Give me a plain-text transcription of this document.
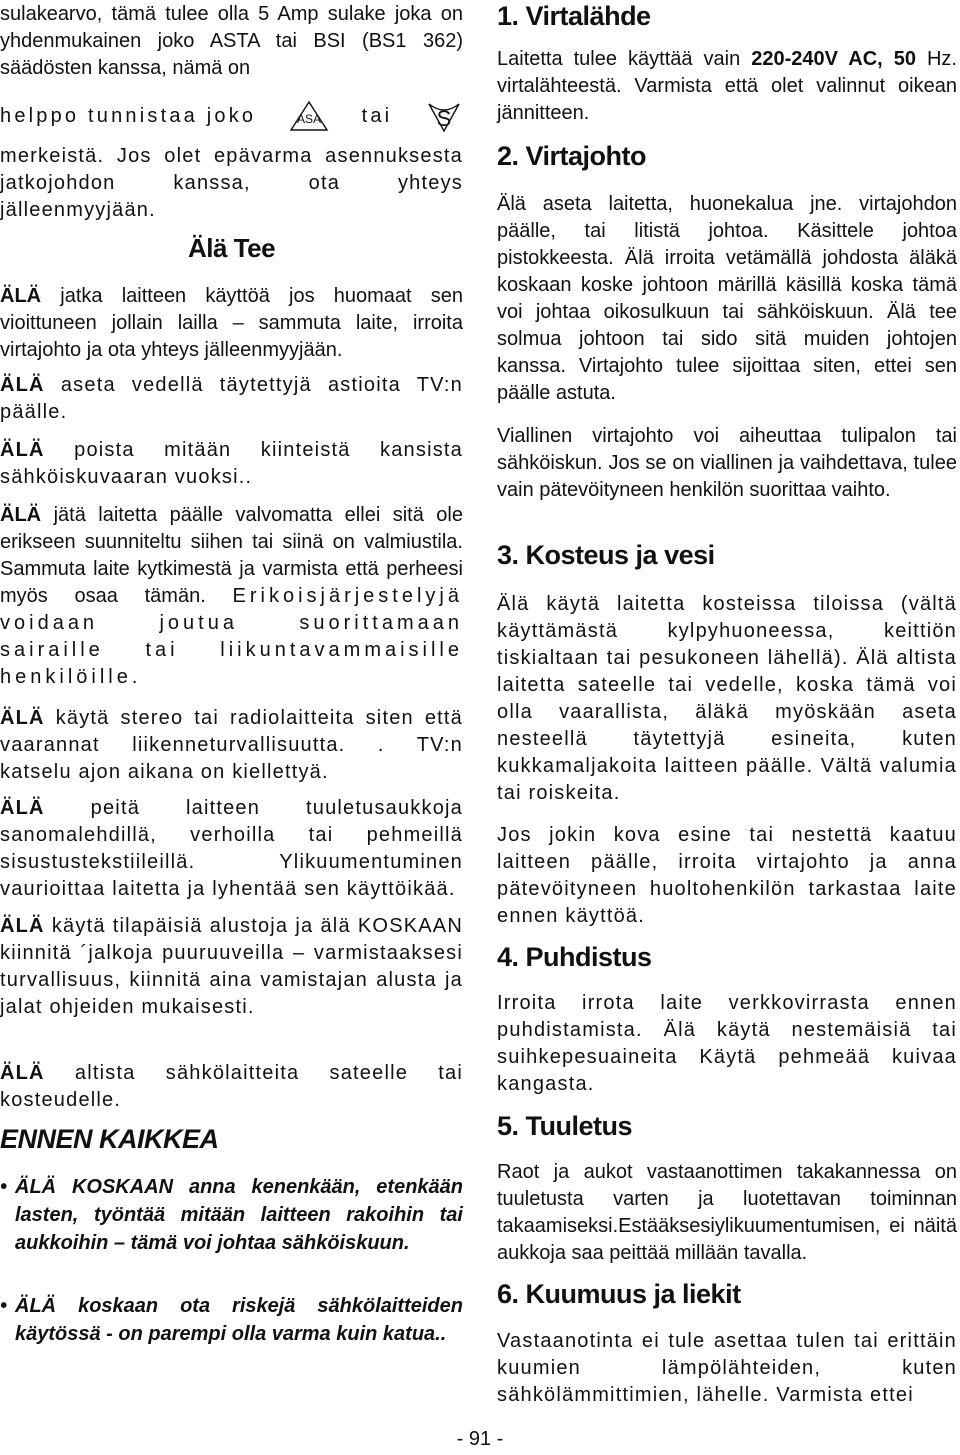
sulakearvo, tämä tulee olla 5 Amp sulake joka on yhdenmukainen joko ASTA tai BSI (BS1 362) säädösten kanssa, nämä on

helppo tunnistaa joko	ASA tai S

merkeistä. Jos olet epävarma asennuksesta jatkojohdon kanssa, ota yhteys jälleenmyyjään.

Älä Tee

ÄLÄ jatka laitteen käyttöä jos huomaat sen vioittuneen jollain lailla – sammuta laite, irroita virtajohto ja ota yhteys jälleenmyyjään.

ÄLÄ aseta vedellä täytettyjä astioita TV:n päälle.

ÄLÄ poista mitään kiinteistä kansista sähköiskuvaaran vuoksi..

ÄLÄ jätä laitetta päälle valvomatta ellei sitä ole erikseen suunniteltu siihen tai siinä on valmiustila. Sammuta laite kytkimestä ja varmista että perheesi myös osaa tämän. Erikoisjärjestelyjä voidaan joutua suorittamaan sairaille tai liikuntavammaisille henkilöille.

ÄLÄ käytä stereo tai radiolaitteita siten että vaarannat liikenneturvallisuutta. . TV:n katselu ajon aikana on kiellettyä.

ÄLÄ peitä laitteen tuuletusaukkoja sanomalehdillä, verhoilla tai pehmeillä sisustustekstiileillä. Ylikuumentuminen vaurioittaa laitetta ja lyhentää sen käyttöikää.

ÄLÄ käytä tilapäisiä alustoja ja älä KOSKAAN kiinnitä ´jalkoja puuruuveilla – varmistaaksesi turvallisuus, kiinnitä aina vamistajan alusta ja jalat ohjeiden mukaisesti.

ÄLÄ altista sähkölaitteita sateelle tai kosteudelle.

ENNEN KAIKKEA
• ÄLÄ KOSKAAN anna kenenkään, etenkään lasten, työntää mitään laitteen rakoihin tai aukkoihin – tämä voi johtaa sähköiskuun.
• ÄLÄ koskaan ota riskejä sähkölaitteiden käytössä - on parempi olla varma kuin katua..
1. Virtalähde

Laitetta tulee käyttää vain 220-240V AC, 50 Hz. virtalähteestä. Varmista että olet valinnut oikean jännitteen.

2. Virtajohto

Älä aseta laitetta, huonekalua jne. virtajohdon päälle, tai litistä johtoa. Käsittele johtoa pistokkeesta. Älä irroita vetämällä johdosta äläkä koskaan koske johtoon märillä käsillä koska tämä voi johtaa oikosulkuun tai sähköiskuun. Älä tee solmua johtoon tai sido sitä muiden johtojen kanssa. Virtajohto tulee sijoittaa siten, ettei sen päälle astuta.

Viallinen virtajohto voi aiheuttaa tulipalon tai sähköiskun. Jos se on viallinen ja vaihdettava, tulee vain pätevöityneen henkilön suorittaa vaihto.

3. Kosteus ja vesi

Älä käytä laitetta kosteissa tiloissa (vältä käyttämästä kylpyhuoneessa, keittiön tiskialtaan tai pesukoneen lähellä). Älä altista laitetta sateelle tai vedelle, koska tämä voi olla vaarallista, äläkä myöskään aseta nesteellä täytettyjä esineita, kuten kukkamaljakoita laitteen päälle. Vältä valumia tai roiskeita.

Jos jokin kova esine tai nestettä kaatuu laitteen päälle, irroita virtajohto ja anna pätevöityneen huoltohenkilön tarkastaa laite ennen käyttöä.

4. Puhdistus

Irroita irrota laite verkkovirrasta ennen puhdistamista. Älä käytä nestemäisiä tai suihkepesuaineita Käytä pehmeää kuivaa kangasta.

5. Tuuletus

Raot ja aukot vastaanottimen takakannessa on tuuletusta varten ja luotettavan toiminnan takaamiseksi.Estääksesiylikuumentumisen, ei näitä aukkoja saa peittää millään tavalla.

6. Kuumuus ja liekit

Vastaanotinta ei tule asettaa tulen tai erittäin kuumien lämpölähteiden, kuten sähkölämmittimien, lähelle. Varmista ettei

- 91 -
